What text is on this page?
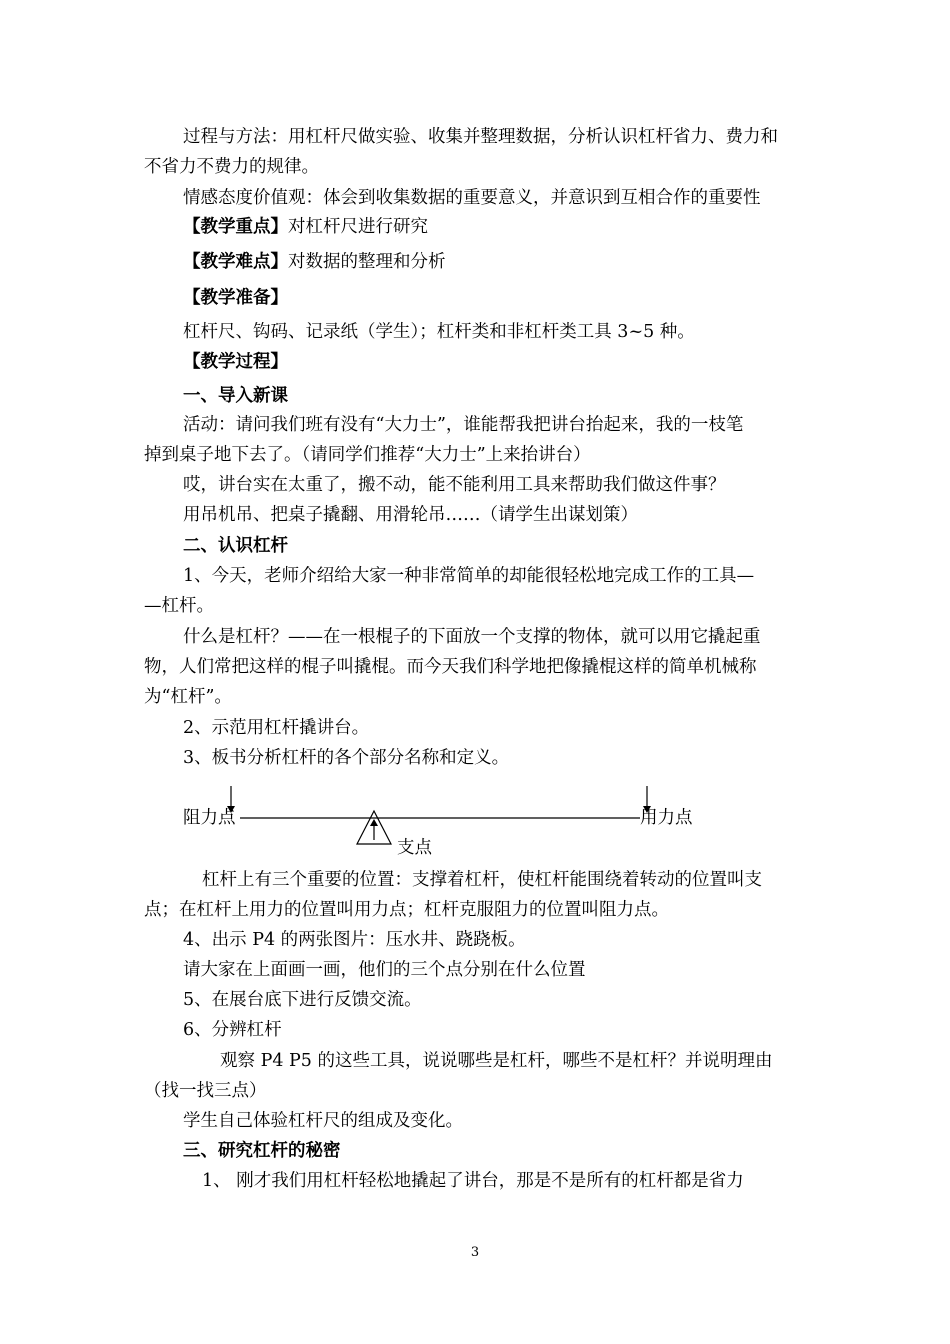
过程与方法：用杠杆尺做实验、收集并整理数据，分析认识杠杆省力、费力和
不省力不费力的规律。
情感态度价值观：体会到收集数据的重要意义，并意识到互相合作的重要性
【教学重点】对杠杆尺进行研究
【教学难点】对数据的整理和分析
【教学准备】
杠杆尺、钩码、记录纸（学生）；杠杆类和非杠杆类工具 3~5 种。
【教学过程】
一、导入新课
活动：请问我们班有没有“大力士”，谁能帮我把讲台抬起来，我的一枝笔
掉到桌子地下去了。（请同学们推荐“大力士”上来抬讲台）
哎，讲台实在太重了，搬不动，能不能利用工具来帮助我们做这件事？
用吊机吊、把桌子撬翻、用滑轮吊……（请学生出谋划策）
二、认识杠杆
1、今天，老师介绍给大家一种非常简单的却能很轻松地完成工作的工具—
—杠杆。
什么是杠杆？——在一根棍子的下面放一个支撑的物体，就可以用它撬起重
物，人们常把这样的棍子叫撬棍。而今天我们科学地把像撬棍这样的简单机械称
为“杠杆”。
2、示范用杠杆撬讲台。
3、板书分析杠杆的各个部分名称和定义。
阻力点	用力点
支点
杠杆上有三个重要的位置：支撑着杠杆，使杠杆能围绕着转动的位置叫支
点；在杠杆上用力的位置叫用力点；杠杆克服阻力的位置叫阻力点。
4、出示 P4 的两张图片：压水井、跷跷板。
请大家在上面画一画，他们的三个点分别在什么位置
5、在展台底下进行反馈交流。
6、分辨杠杆
观察 P4 P5 的这些工具，说说哪些是杠杆，哪些不是杠杆？并说明理由
（找一找三点）
学生自己体验杠杆尺的组成及变化。
三、研究杠杆的秘密
1、 刚才我们用杠杆轻松地撬起了讲台，那是不是所有的杠杆都是省力
3
